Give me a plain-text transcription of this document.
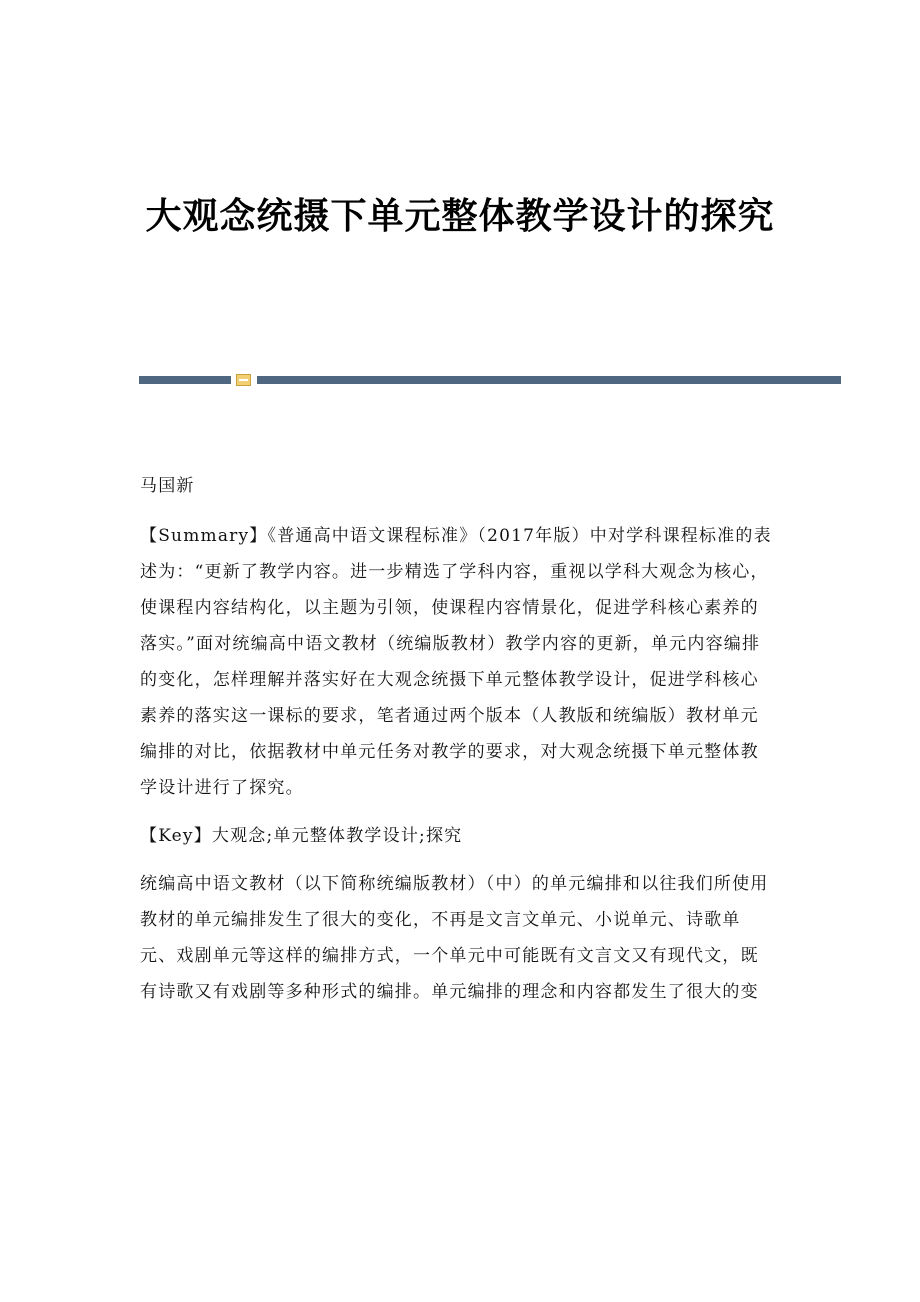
大观念统摄下单元整体教学设计的探究

马国新

【Summary】《普通高中语文课程标准》（2017年版）中对学科课程标准的表述为：“更新了教学内容。进一步精选了学科内容，重视以学科大观念为核心，使课程内容结构化，以主题为引领，使课程内容情景化，促进学科核心素养的落实。”面对统编高中语文教材（统编版教材）教学内容的更新，单元内容编排的变化，怎样理解并落实好在大观念统摄下单元整体教学设计，促进学科核心素养的落实这一课标的要求，笔者通过两个版本（人教版和统编版）教材单元编排的对比，依据教材中单元任务对教学的要求，对大观念统摄下单元整体教学设计进行了探究。

【Key】大观念;单元整体教学设计;探究

统编高中语文教材（以下简称统编版教材）（中）的单元编排和以往我们所使用教材的单元编排发生了很大的变化，不再是文言文单元、小说单元、诗歌单元、戏剧单元等这样的编排方式，一个单元中可能既有文言文又有现代文，既有诗歌又有戏剧等多种形式的编排。单元编排的理念和内容都发生了很大的变
